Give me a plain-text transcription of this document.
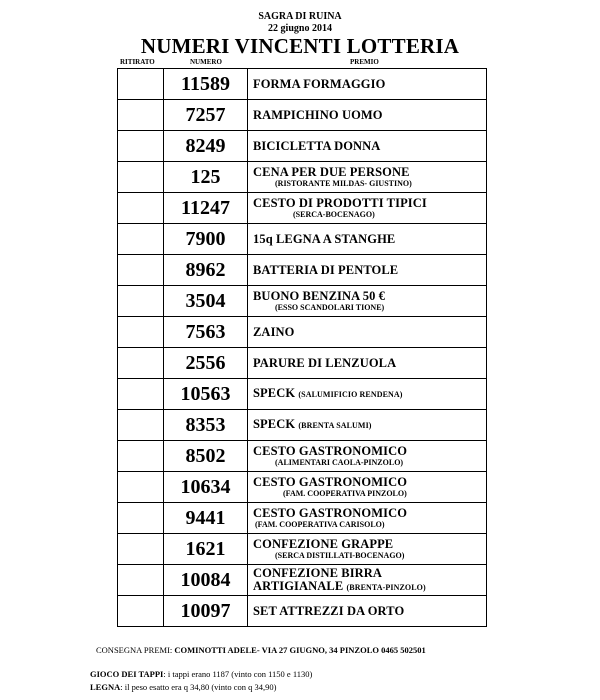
SAGRA DI RUINA
22 giugno 2014
NUMERI VINCENTI LOTTERIA
RITIRATO	NUMERO	PREMIO
	11589	FORMA FORMAGGIO

	7257	RAMPICHINO UOMO

	8249	BICICLETTA DONNA

	125	CENA PER DUE PERSONE
(RISTORANTE MILDAS- GIUSTINO)

	11247	CESTO DI PRODOTTI TIPICI
(SERCA-BOCENAGO)

	7900	15q LEGNA A STANGHE

	8962	BATTERIA DI PENTOLE

	3504	BUONO BENZINA 50 €
(ESSO SCANDOLARI TIONE)

	7563	ZAINO

	2556	PARURE DI LENZUOLA

	10563	SPECK (SALUMIFICIO RENDENA)

	8353	SPECK (BRENTA SALUMI)

	8502	CESTO GASTRONOMICO
(ALIMENTARI CAOLA-PINZOLO)

	10634	CESTO GASTRONOMICO
(FAM. COOPERATIVA PINZOLO)

	9441	CESTO GASTRONOMICO
(FAM. COOPERATIVA CARISOLO)

	1621	CONFEZIONE GRAPPE
(SERCA DISTILLATI-BOCENAGO)

	10084	CONFEZIONE BIRRA
ARTIGIANALE (BRENTA-PINZOLO)

	10097	SET ATTREZZI DA ORTO
CONSEGNA PREMI: COMINOTTI ADELE- VIA 27 GIUGNO, 34 PINZOLO 0465 502501
GIOCO DEI TAPPI: i tappi erano 1187 (vinto con 1150 e 1130)
LEGNA: il peso esatto era q 34,80 (vinto con q 34,90)
